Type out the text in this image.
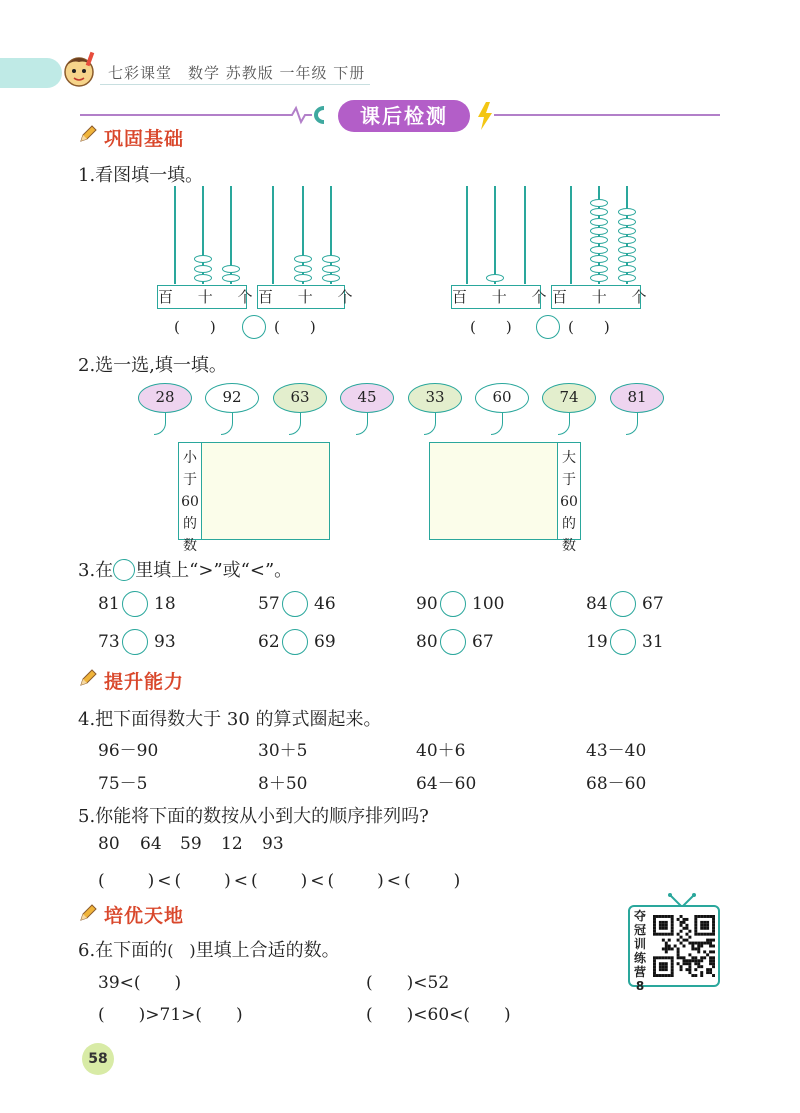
七彩课堂　数学 苏教版 一年级 下册
课后检测
巩固基础
1.看图填一填。
百 十 个
百 十 个	百 十 个
百 十 个
(　　)	(　　)	(　　)	(　　)
2.选一选,填一填。
28	92	63	45	33	60	74	81
小
于
60
的
数
大
于
60
的
数
3.在 里填上“>”或“<”。
81 18	57 46	90 100	84 67
73 93	62 69	80 67	19 31
提升能力
4.把下面得数大于 30 的算式圈起来。
96－90	30＋5	40＋6	43－40
75－5	8＋50	64－60	68－60
5.你能将下面的数按从小到大的顺序排列吗?
80 64 59 12 93
(　　)<(　　)<(　　)<(　　)<(　　)
培优天地
6.在下面的(　)里填上合适的数。
39<(　　)	(　　)<52
(　　)>71>(　　)	(　　)<60<(　　)
夺
冠
训
练
营
8
58
